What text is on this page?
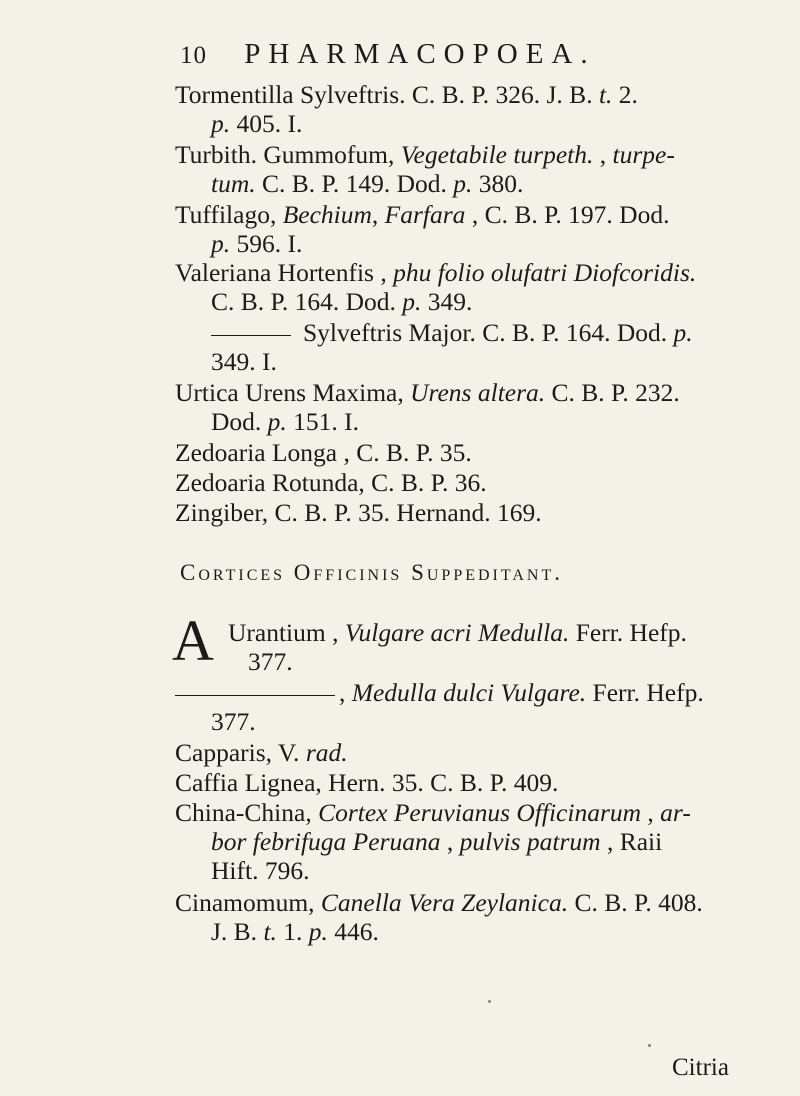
10 PHARMACOPOEA.
Tormentilla Sylveftris. C. B. P. 326. J. B. t. 2.
p. 405. I.
Turbith. Gummofum, Vegetabile turpeth. , turpe-
tum. C. B. P. 149. Dod. p. 380.
Tuffilago, Bechium, Farfara , C. B. P. 197. Dod.
p. 596. I.
Valeriana Hortenfis , phu folio olufatri Diofcoridis.
C. B. P. 164. Dod. p. 349.
Sylveftris Major. C. B. P. 164. Dod. p.
349. I.
Urtica Urens Maxima, Urens altera. C. B. P. 232.
Dod. p. 151. I.
Zedoaria Longa , C. B. P. 35.
Zedoaria Rotunda, C. B. P. 36.
Zingiber, C. B. P. 35. Hernand. 169.
Cortices Officinis Suppeditant.
A Urantium , Vulgare acri Medulla. Ferr. Hefp.
377.
, Medulla dulci Vulgare. Ferr. Hefp.
377.
Capparis, V. rad.
Caffia Lignea, Hern. 35. C. B. P. 409.
China-China, Cortex Peruvianus Officinarum , ar-
bor febrifuga Peruana , pulvis patrum , Raii
Hift. 796.
Cinamomum, Canella Vera Zeylanica. C. B. P. 408.
J. B. t. 1. p. 446.
Citria
